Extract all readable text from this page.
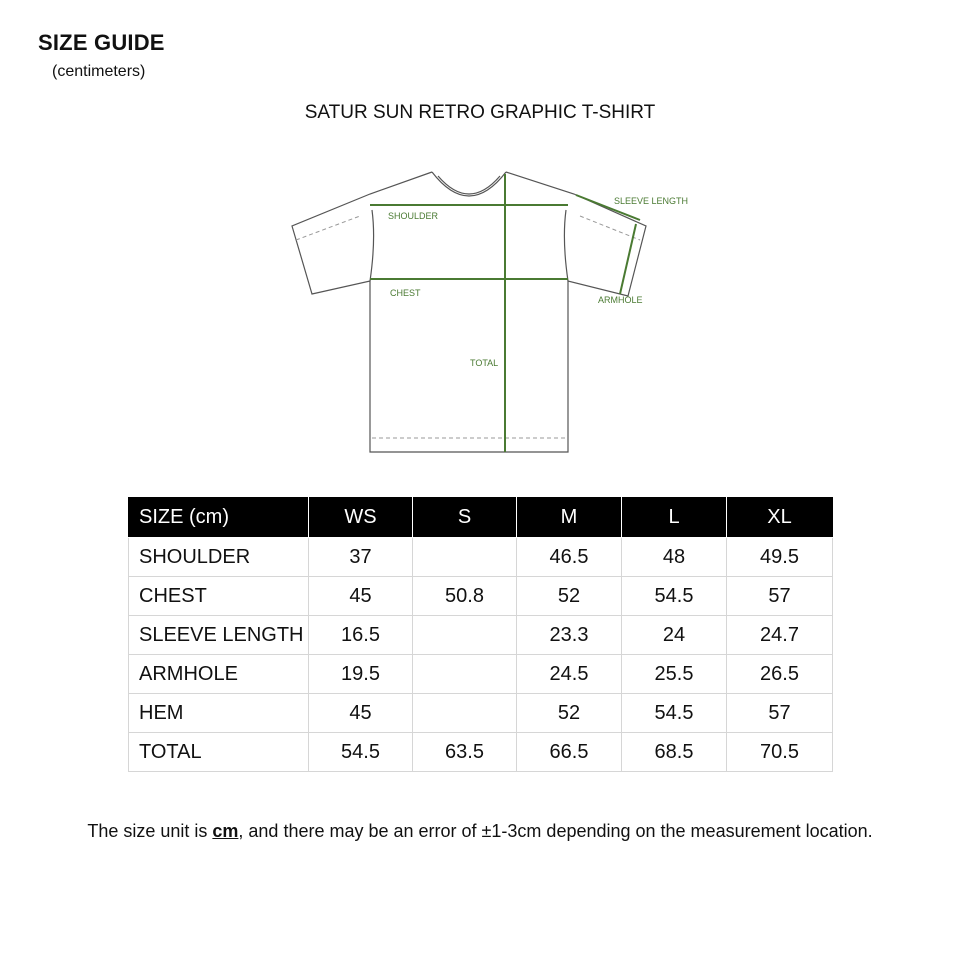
SIZE GUIDE
(centimeters)
SATUR SUN RETRO GRAPHIC T-SHIRT
SHOULDER
CHEST
TOTAL
SLEEVE LENGTH
ARMHOLE
SIZE (cm)	WS	S	M	L	XL
SHOULDER	37		46.5	48	49.5
CHEST	45	50.8	52	54.5	57
SLEEVE LENGTH	16.5		23.3	24	24.7
ARMHOLE	19.5		24.5	25.5	26.5
HEM	45		52	54.5	57
TOTAL	54.5	63.5	66.5	68.5	70.5
The size unit is cm, and there may be an error of ±1-3cm depending on the measurement location.
